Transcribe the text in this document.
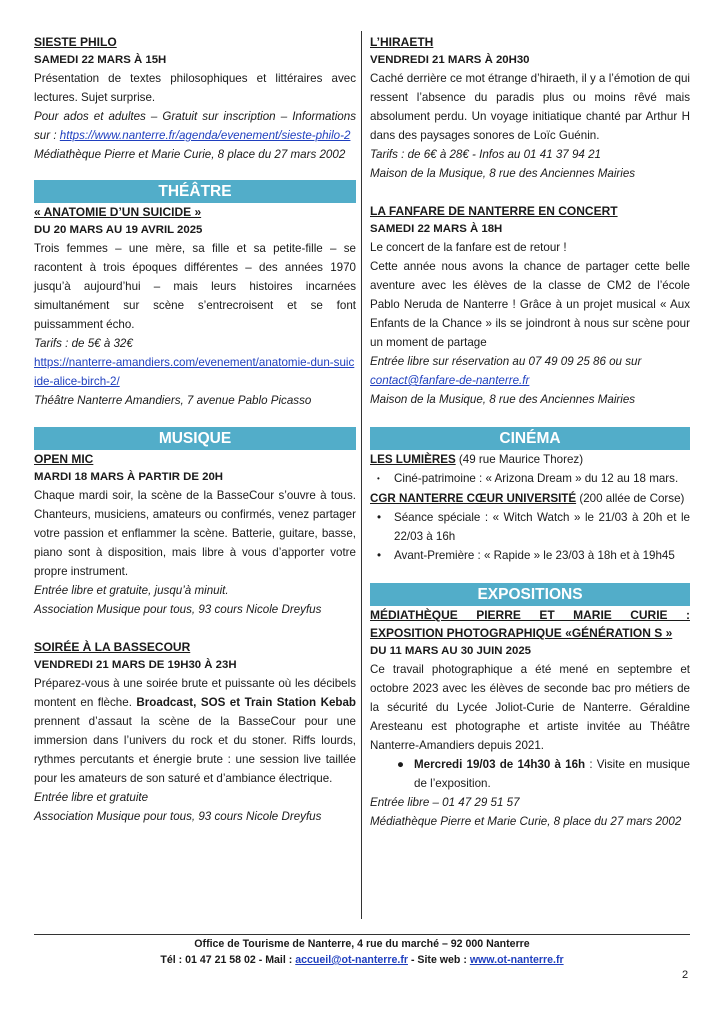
SIESTE PHILO
SAMEDI 22 MARS À 15H

Présentation de textes philosophiques et littéraires avec lectures. Sujet surprise.

Pour ados et adultes – Gratuit sur inscription – Informations sur : https://www.nanterre.fr/agenda/evenement/sieste-philo-2

Médiathèque Pierre et Marie Curie, 8 place du 27 mars 2002

THÉÂTRE
« ANATOMIE D’UN SUICIDE »
DU 20 MARS AU 19 AVRIL 2025

Trois femmes – une mère, sa fille et sa petite-fille – se racontent à trois époques différentes – des années 1970 jusqu’à aujourd’hui – mais leurs histoires incarnées simultanément sur scène s’entrecroisent et se font puissamment écho.

Tarifs : de 5€ à 32€

https://nanterre-amandiers.com/evenement/anatomie-dun-suicide-alice-birch-2/

Théâtre Nanterre Amandiers, 7 avenue Pablo Picasso

MUSIQUE
OPEN MIC
MARDI 18 MARS À PARTIR DE 20H

Chaque mardi soir, la scène de la BasseCour s’ouvre à tous. Chanteurs, musiciens, amateurs ou confirmés, venez partager votre passion et enflammer la scène. Batterie, guitare, basse, piano sont à disposition, mais libre à vous d’apporter votre propre instrument.

Entrée libre et gratuite, jusqu’à minuit.

Association Musique pour tous, 93 cours Nicole Dreyfus

SOIRÉE À LA BASSECOUR
VENDREDI 21 MARS DE 19H30 À 23H

Préparez-vous à une soirée brute et puissante où les décibels montent en flèche. Broadcast, SOS et Train Station Kebab prennent d’assaut la scène de la BasseCour pour une immersion dans l’univers du rock et du stoner. Riffs lourds, rythmes percutants et énergie brute : une session live taillée pour les amateurs de son saturé et d’ambiance électrique.

Entrée libre et gratuite

Association Musique pour tous, 93 cours Nicole Dreyfus

L’HIRAETH
VENDREDI 21 MARS À 20H30

Caché derrière ce mot étrange d’hiraeth, il y a l’émotion de qui ressent l’absence du paradis plus ou moins rêvé mais absolument perdu. Un voyage initiatique chanté par Arthur H dans des paysages sonores de Loïc Guénin.

Tarifs : de 6€ à 28€ - Infos au 01 41 37 94 21

Maison de la Musique, 8 rue des Anciennes Mairies

LA FANFARE DE NANTERRE EN CONCERT
SAMEDI 22 MARS À 18H

Le concert de la fanfare est de retour !

Cette année nous avons la chance de partager cette belle aventure avec les élèves de la classe de CM2 de l’école Pablo Neruda de Nanterre ! Grâce à un projet musical « Aux Enfants de la Chance » ils se joindront à nous sur scène pour un moment de partage

Entrée libre sur réservation au 07 49 09 25 86 ou sur

contact@fanfare-de-nanterre.fr

Maison de la Musique, 8 rue des Anciennes Mairies

CINÉMA

LES LUMIÈRES (49 rue Maurice Thorez)

• Ciné-patrimoine : « Arizona Dream » du 12 au 18 mars.

CGR NANTERRE CŒUR UNIVERSITÉ (200 allée de Corse)

• Séance spéciale : « Witch Watch » le 21/03 à 20h et le 22/03 à 16h
• Avant-Première : « Rapide » le 23/03 à 18h et à 19h45
EXPOSITIONS
MÉDIATHÈQUE PIERRE ET MARIE CURIE :
EXPOSITION PHOTOGRAPHIQUE «GÉNÉRATION S »
DU 11 MARS AU 30 JUIN 2025

Ce travail photographique a été mené en septembre et octobre 2023 avec les élèves de seconde bac pro métiers de la sécurité du Lycée Joliot-Curie de Nanterre. Géraldine Aresteanu est photographe et artiste invitée au Théâtre Nanterre-Amandiers depuis 2021.

● Mercredi 19/03 de 14h30 à 16h : Visite en musique de l’exposition.

Entrée libre – 01 47 29 51 57

Médiathèque Pierre et Marie Curie, 8 place du 27 mars 2002

Office de Tourisme de Nanterre, 4 rue du marché – 92 000 Nanterre
Tél : 01 47 21 58 02 - Mail : accueil@ot-nanterre.fr - Site web : www.ot-nanterre.fr
2
